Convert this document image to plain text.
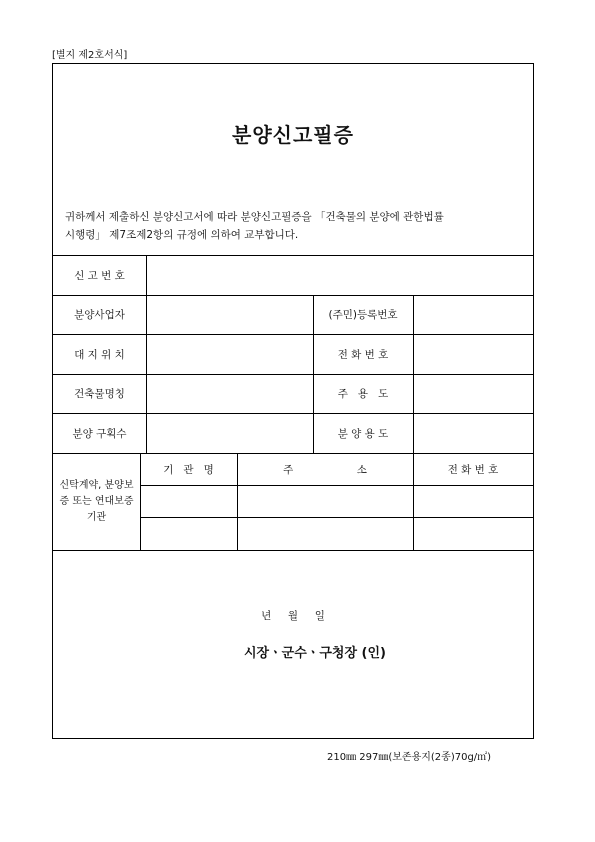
[별지 제2호서식]
분양신고필증
귀하께서 제출하신 분양신고서에 따라 분양신고필증을 「건축물의 분양에 관한법률
시행령」 제7조제2항의 규정에 의하여 교부합니다.
신 고 번 호
분양사업자	(주민)등록번호
대 지 위 치	전 화 번 호
건축물명칭	주   용   도
분양 구획수	분 양 용 도
신탁계약, 분양보
증 또는 연대보증
기관
기   관   명	주                   소	전 화 번 호
년     월     일
시장ㆍ군수ㆍ구청장 (인)
210㎜ 297㎜(보존용지(2종)70g/㎡)
